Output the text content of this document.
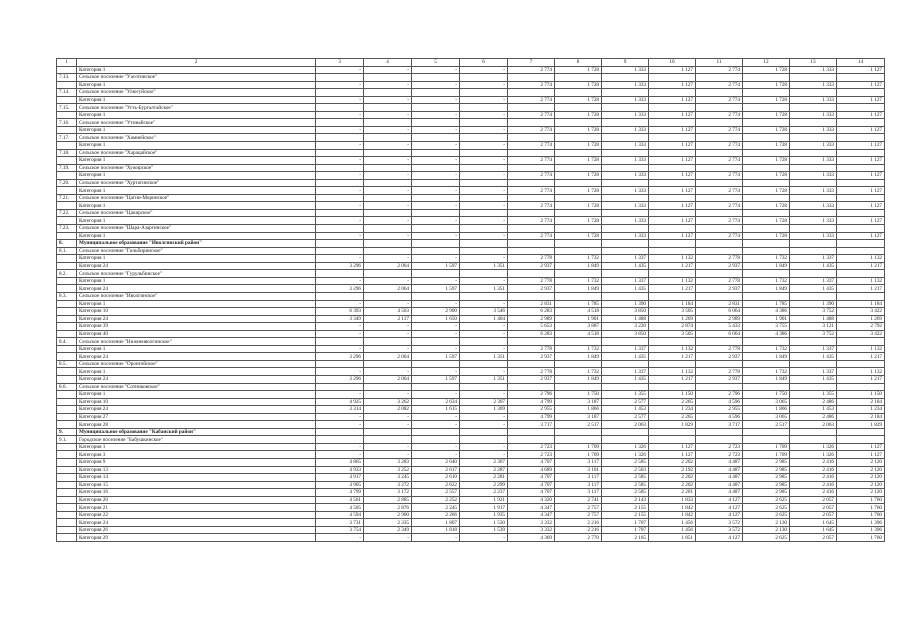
1	2	3	4	5	6	7	8	9	10	11	12	13	14
	Категория 1	-	-	-	-	2 774	1 728	1 333	1 127	2 774	1 728	1 333	1 127
7.13.	Сельское поселение "Уасотинское"												
	Категория 1	-	-	-	-	2 774	1 728	1 333	1 127	2 774	1 728	1 333	1 127
7.14.	Сельское поселение "Улюгуйское"												
	Категория 1	-	-	-	-	2 774	1 728	1 333	1 127	2 774	1 728	1 333	1 127
7.15.	Сельское поселение "Усть-Бургалтайское"												
	Категория 1	-	-	-	-	2 774	1 728	1 333	1 127	2 774	1 728	1 333	1 127
7.16.	Сельское поселение "Утинайское"												
	Категория 1	-	-	-	-	2 774	1 728	1 333	1 127	2 774	1 728	1 333	1 127
7.17.	Сельское поселение "Хамнейское"												
	Категория 1	-	-	-	-	2 774	1 728	1 333	1 127	2 774	1 728	1 333	1 127
7.18.	Сельское поселение "Харацайское"												
	Категория 1	-	-	-	-	2 774	1 728	1 333	1 127	2 774	1 728	1 333	1 127
7.19.	Сельское поселение "Хужирское"												
	Категория 1	-	-	-	-	2 774	1 728	1 333	1 127	2 774	1 728	1 333	1 127
7.20.	Сельское поселение "Хуртагинское"												
	Категория 1	-	-	-	-	2 774	1 728	1 333	1 127	2 774	1 728	1 333	1 127
7.21.	Сельское поселение "Цагин-Моринское"												
	Категория 1	-	-	-	-	2 774	1 728	1 333	1 127	2 774	1 728	1 333	1 127
7.22.	Сельское поселение "Цакирское"												
	Категория 1	-	-	-	-	2 774	1 728	1 333	1 127	2 774	1 728	1 333	1 127
7.23.	Сельское поселение "Шара-Азаргинское"												
	Категория 1	-	-	-	-	2 774	1 728	1 333	1 127	2 774	1 728	1 333	1 127
8.	Муниципальное образование "Иволгинский район"												
8.1.	Сельское поселение "Гильбиринское"												
	Категория 1	-	-	-	-	2 778	1 732	1 337	1 132	2 778	1 732	1 337	1 132
	Категория 24	3 296	2 064	1 597	1 351	2 937	1 849	1 435	1 217	2 937	1 849	1 435	1 217
8.2.	Сельское поселение "Гурульбинское"												
	Категория 1	-	-	-	-	2 778	1 732	1 337	1 132	2 778	1 732	1 337	1 132
	Категория 24	3 296	2 064	1 597	1 351	2 937	1 849	1 435	1 217	2 937	1 849	1 435	1 217
8.3.	Сельское поселение "Иволгинское"												
	Категория 1	-	-	-	-	2 831	1 785	1 390	1 184	2 831	1 785	1 390	1 184
	Категория 10	6 393	4 563	2 900	3 546	6 283	4 518	3 850	3 505	6 064	4 386	3 752	3 422
	Категория 24	3 349	2 117	1 650	1 404	2 989	1 901	1 488	1 269	2 989	1 901	1 488	1 269
	Категория 39	-	-	-	-	5 653	3 887	3 220	2 874	5 433	3 755	3 121	2 792
	Категория 40	-	-	-	-	6 283	4 518	3 850	3 505	6 064	4 386	3 752	3 422
8.4.	Сельское поселение "Нижнеиволгинское"												
	Категория 1	-	-	-	-	2 778	1 732	1 337	1 132	2 778	1 732	1 337	1 132
	Категория 24	3 296	2 064	1 597	1 351	2 937	1 849	1 435	1 217	2 937	1 849	1 435	1 217
8.5.	Сельское поселение "Оронгойское"												
	Категория 1	-	-	-	-	2 778	1 732	1 337	1 132	2 778	1 732	1 337	1 132
	Категория 24	3 296	2 064	1 597	1 351	2 937	1 849	1 435	1 217	2 937	1 849	1 435	1 217
8.6.	Сельское поселение "Сотниковское"												
	Категория 1	-	-	-	-	2 796	1 750	1 355	1 150	2 796	1 750	1 355	1 150
	Категория 10	4 925	3 262	2 634	2 307	4 799	3 187	2 577	2 265	4 596	3 065	2 486	2 184
	Категория 24	3 314	2 082	1 615	1 369	2 955	1 866	1 453	1 234	2 955	1 866	1 453	1 234
	Категория 27	-	-	-	-	4 799	3 187	2 577	2 265	4 596	3 065	2 486	2 184
	Категория 28	-	-	-	-	3 717	2 517	2 063	1 829	3 717	2 517	2 063	1 829
9.	Муниципальное образование "Кабанский район"												
9.1.	Городское поселение "Бабушкинское"												
	Категория 1	-	-	-	-	2 723	1 709	1 326	1 127	2 723	1 709	1 326	1 127
	Категория 3	-	-	-	-	2 723	1 709	1 326	1 127	2 723	1 709	1 326	1 127
	Категория 9	4 865	3 283	2 640	2 307	4 707	3 117	2 585	2 202	4 487	2 985	2 416	2 120
	Категория 13	4 933	3 252	2 617	2 287	4 689	3 101	2 503	2 192	4 487	2 985	2 416	2 120
	Категория 14	4 917	3 245	2 610	2 281	4 707	3 117	2 585	2 202	4 487	2 985	2 416	2 120
	Категория 15	4 905	3 272	2 622	2 299	4 707	3 117	2 585	2 202	4 487	2 985	2 416	2 120
	Категория 16	4 799	3 172	2 557	2 237	4 707	3 117	2 585	2 201	4 487	2 985	2 416	2 120
	Категория 20	4 561	2 885	2 252	1 921	4 320	2 741	2 143	1 833	4 127	2 625	2 057	1 760
	Категория 21	4 505	2 876	2 245	1 917	4 347	2 757	2 155	1 842	4 127	2 625	2 057	1 760
	Категория 22	4 594	2 900	2 266	1 935	4 347	2 757	2 155	1 842	4 127	2 625	2 057	1 760
	Категория 24	3 731	2 335	1 807	1 530	3 332	2 216	1 707	1 456	3 572	2 130	1 645	1 396
	Категория 26	3 754	2 349	1 818	1 539	3 332	2 216	1 707	1 456	3 572	2 130	1 645	1 396
	Категория 29	-	-	-	-	4 369	2 770	2 165	1 851	4 127	2 625	2 057	1 760
